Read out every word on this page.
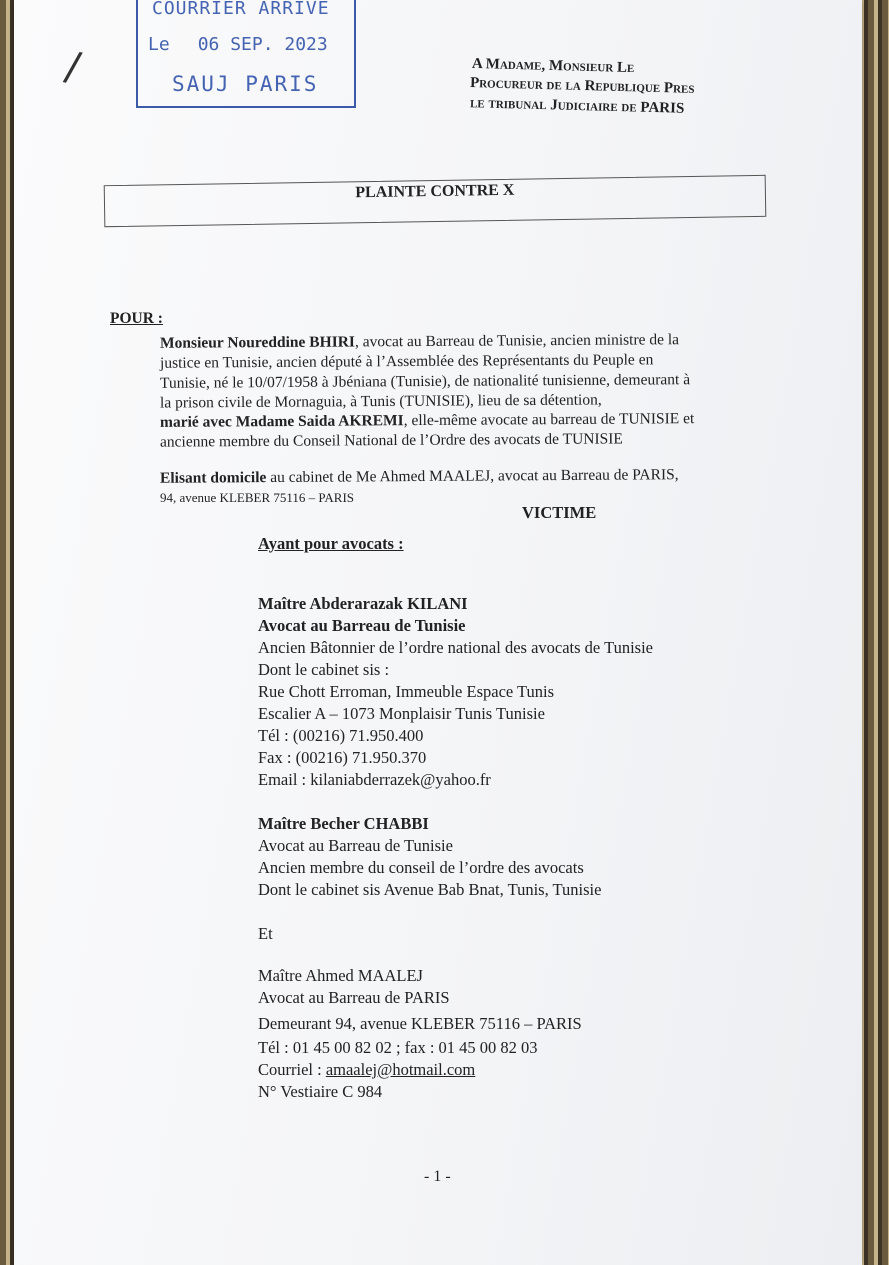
COURRIER ARRIVE
Le 06 SEP. 2023
SAUJ PARIS
/	A Madame, Monsieur Le
Procureur de la Republique Pres
le tribunal Judiciaire de PARIS
PLAINTE CONTRE X
POUR :
Monsieur Noureddine BHIRI, avocat au Barreau de Tunisie, ancien ministre de la
justice en Tunisie, ancien député à l’Assemblée des Représentants du Peuple en
Tunisie, né le 10/07/1958 à Jbéniana (Tunisie), de nationalité tunisienne, demeurant à
la prison civile de Mornaguia, à Tunis (TUNISIE), lieu de sa détention,
marié avec Madame Saida AKREMI, elle-même avocate au barreau de TUNISIE et
ancienne membre du Conseil National de l’Ordre des avocats de TUNISIE
Elisant domicile au cabinet de Me Ahmed MAALEJ, avocat au Barreau de PARIS,
94, avenue KLEBER 75116 – PARIS
VICTIME
Ayant pour avocats :
Maître Abderarazak KILANI
Avocat au Barreau de Tunisie
Ancien Bâtonnier de l’ordre national des avocats de Tunisie
Dont le cabinet sis :
Rue Chott Erroman, Immeuble Espace Tunis
Escalier A – 1073 Monplaisir Tunis Tunisie
Tél : (00216) 71.950.400
Fax : (00216) 71.950.370
Email : kilaniabderrazek@yahoo.fr
Maître Becher CHABBI
Avocat au Barreau de Tunisie
Ancien membre du conseil de l’ordre des avocats
Dont le cabinet sis Avenue Bab Bnat, Tunis, Tunisie
Et
Maître Ahmed MAALEJ
Avocat au Barreau de PARIS
Demeurant 94, avenue KLEBER 75116 – PARIS
Tél : 01 45 00 82 02 ; fax : 01 45 00 82 03
Courriel : amaalej@hotmail.com
N° Vestiaire C 984
- 1 -
